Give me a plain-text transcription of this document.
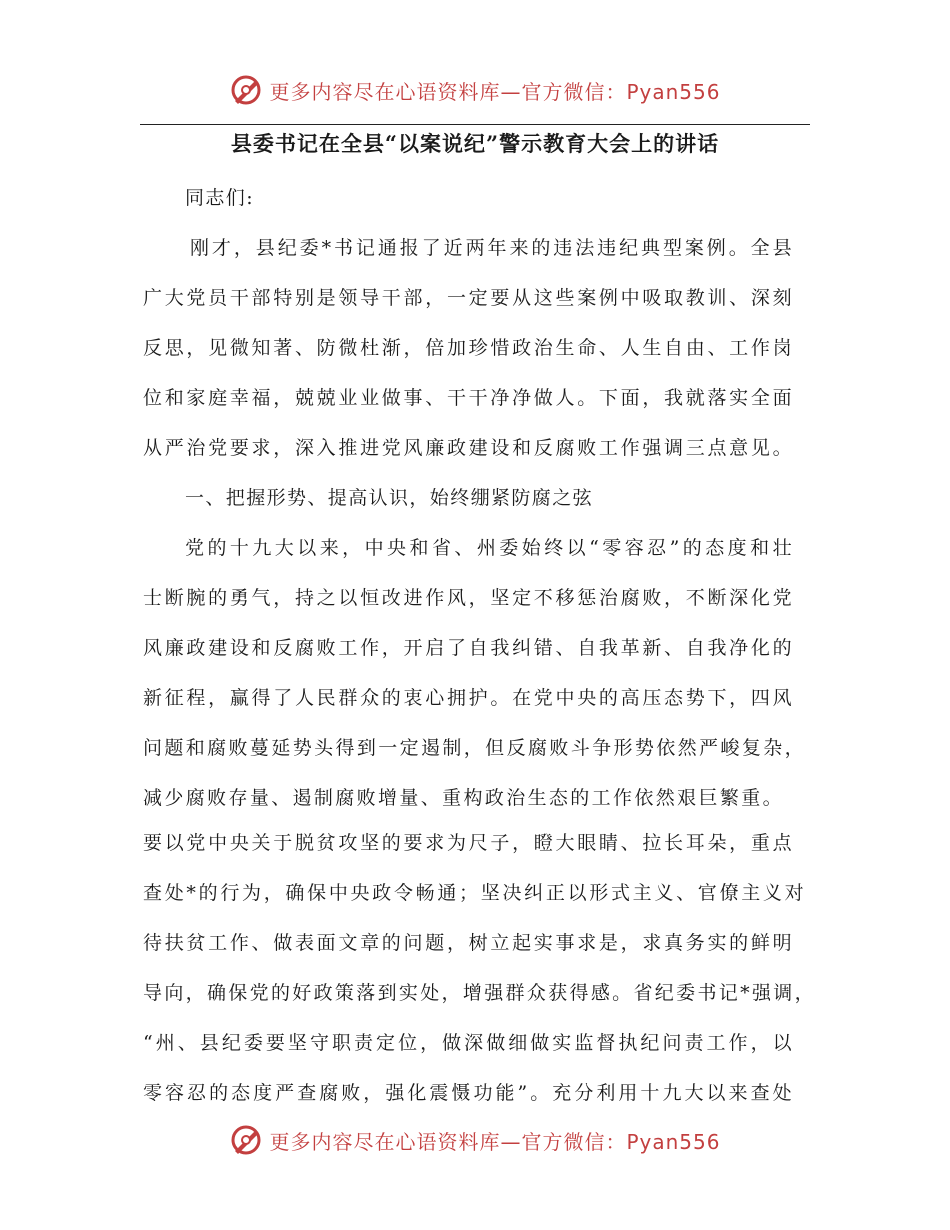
更多内容尽在心语资料库—官方微信：Pyan556
县委书记在全县“以案说纪”警示教育大会上的讲话
同志们:
刚才，县纪委*书记通报了近两年来的违法违纪典型案例。全县
广大党员干部特别是领导干部，一定要从这些案例中吸取教训、深刻
反思，见微知著、防微杜渐，倍加珍惜政治生命、人生自由、工作岗
位和家庭幸福，兢兢业业做事、干干净净做人。下面，我就落实全面
从严治党要求，深入推进党风廉政建设和反腐败工作强调三点意见。
一、把握形势、提高认识，始终绷紧防腐之弦
党的十九大以来，中央和省、州委始终以“零容忍”的态度和壮
士断腕的勇气，持之以恒改进作风，坚定不移惩治腐败，不断深化党
风廉政建设和反腐败工作，开启了自我纠错、自我革新、自我净化的
新征程，赢得了人民群众的衷心拥护。在党中央的高压态势下，四风
问题和腐败蔓延势头得到一定遏制，但反腐败斗争形势依然严峻复杂，
减少腐败存量、遏制腐败增量、重构政治生态的工作依然艰巨繁重。
要以党中央关于脱贫攻坚的要求为尺子，瞪大眼睛、拉长耳朵，重点
查处*的行为，确保中央政令畅通；坚决纠正以形式主义、官僚主义对
待扶贫工作、做表面文章的问题，树立起实事求是，求真务实的鲜明
导向，确保党的好政策落到实处，增强群众获得感。省纪委书记*强调，
“州、县纪委要坚守职责定位，做深做细做实监督执纪问责工作，以
零容忍的态度严查腐败，强化震慑功能”。充分利用十九大以来查处
更多内容尽在心语资料库—官方微信：Pyan556
